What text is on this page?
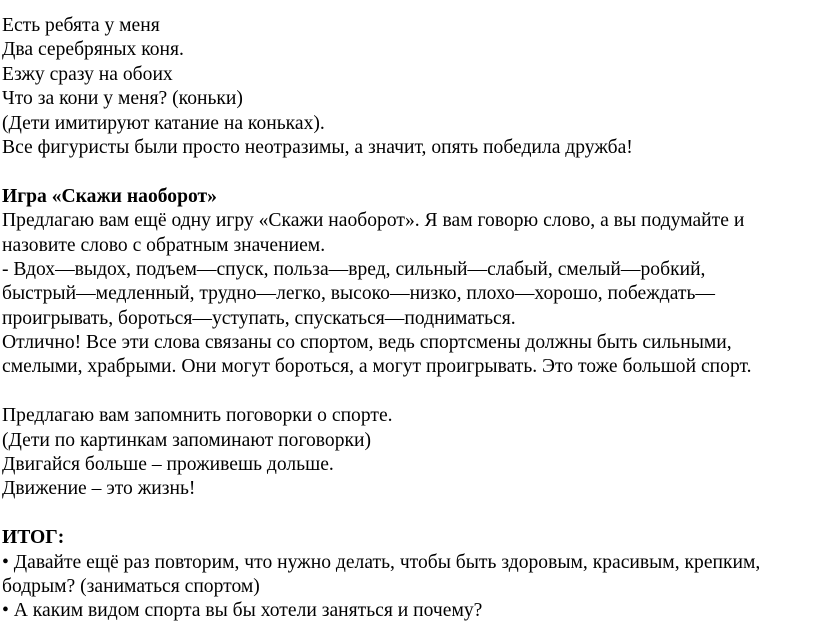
Есть ребята у меня
Два серебряных коня.
Езжу сразу на обоих
Что за кони у меня? (коньки)
(Дети имитируют катание на коньках).
Все фигуристы были просто неотразимы, а значит, опять победила дружба!
Игра «Скажи наоборот»
Предлагаю вам ещё одну игру «Скажи наоборот». Я вам говорю слово, а вы подумайте и
назовите слово с обратным значением.
- Вдох—выдох, подъем—спуск, польза—вред, сильный—слабый, смелый—робкий,
быстрый—медленный, трудно—легко, высоко—низко, плохо—хорошо, побеждать—
проигрывать, бороться—уступать, спускаться—подниматься.
Отлично! Все эти слова связаны со спортом, ведь спортсмены должны быть сильными,
смелыми, храбрыми. Они могут бороться, а могут проигрывать. Это тоже большой спорт.
Предлагаю вам запомнить поговорки о спорте.
(Дети по картинкам запоминают поговорки)
Двигайся больше – проживешь дольше.
Движение – это жизнь!
ИТОГ:
• Давайте ещё раз повторим, что нужно делать, чтобы быть здоровым, красивым, крепким,
бодрым? (заниматься спортом)
• А каким видом спорта вы бы хотели заняться и почему?
